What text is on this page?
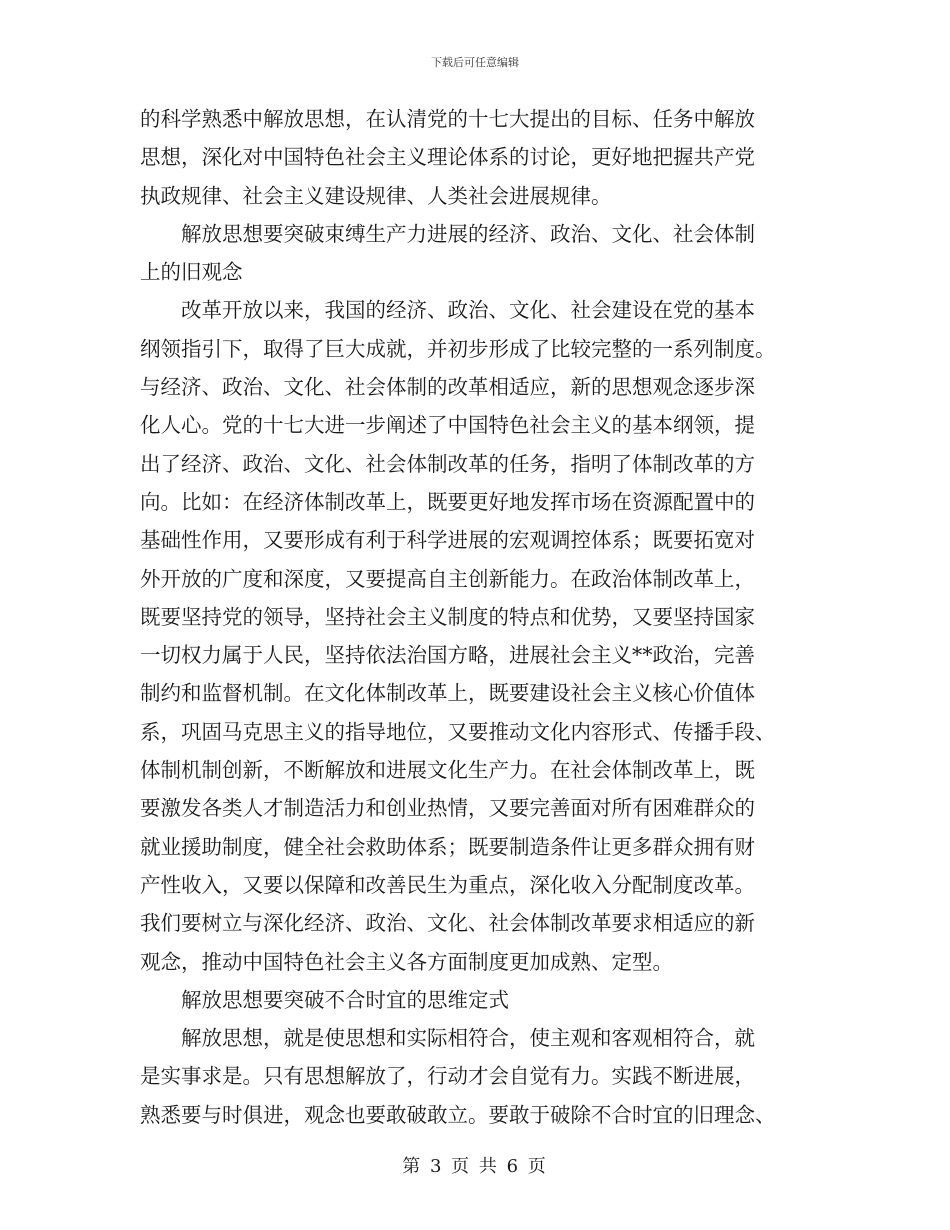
下载后可任意编辑
的科学熟悉中解放思想，在认清党的十七大提出的目标、任务中解放
思想，深化对中国特色社会主义理论体系的讨论，更好地把握共产党
执政规律、社会主义建设规律、人类社会进展规律。
解放思想要突破束缚生产力进展的经济、政治、文化、社会体制
上的旧观念
改革开放以来，我国的经济、政治、文化、社会建设在党的基本
纲领指引下，取得了巨大成就，并初步形成了比较完整的一系列制度。
与经济、政治、文化、社会体制的改革相适应，新的思想观念逐步深
化人心。党的十七大进一步阐述了中国特色社会主义的基本纲领，提
出了经济、政治、文化、社会体制改革的任务，指明了体制改革的方
向。比如：在经济体制改革上，既要更好地发挥市场在资源配置中的
基础性作用，又要形成有利于科学进展的宏观调控体系；既要拓宽对
外开放的广度和深度，又要提高自主创新能力。在政治体制改革上，
既要坚持党的领导，坚持社会主义制度的特点和优势，又要坚持国家
一切权力属于人民，坚持依法治国方略，进展社会主义**政治，完善
制约和监督机制。在文化体制改革上，既要建设社会主义核心价值体
系，巩固马克思主义的指导地位，又要推动文化内容形式、传播手段、
体制机制创新，不断解放和进展文化生产力。在社会体制改革上，既
要激发各类人才制造活力和创业热情，又要完善面对所有困难群众的
就业援助制度，健全社会救助体系；既要制造条件让更多群众拥有财
产性收入，又要以保障和改善民生为重点，深化收入分配制度改革。
我们要树立与深化经济、政治、文化、社会体制改革要求相适应的新
观念，推动中国特色社会主义各方面制度更加成熟、定型。
解放思想要突破不合时宜的思维定式
解放思想，就是使思想和实际相符合，使主观和客观相符合，就
是实事求是。只有思想解放了，行动才会自觉有力。实践不断进展，
熟悉要与时俱进，观念也要敢破敢立。要敢于破除不合时宜的旧理念、
第 3 页 共 6 页
